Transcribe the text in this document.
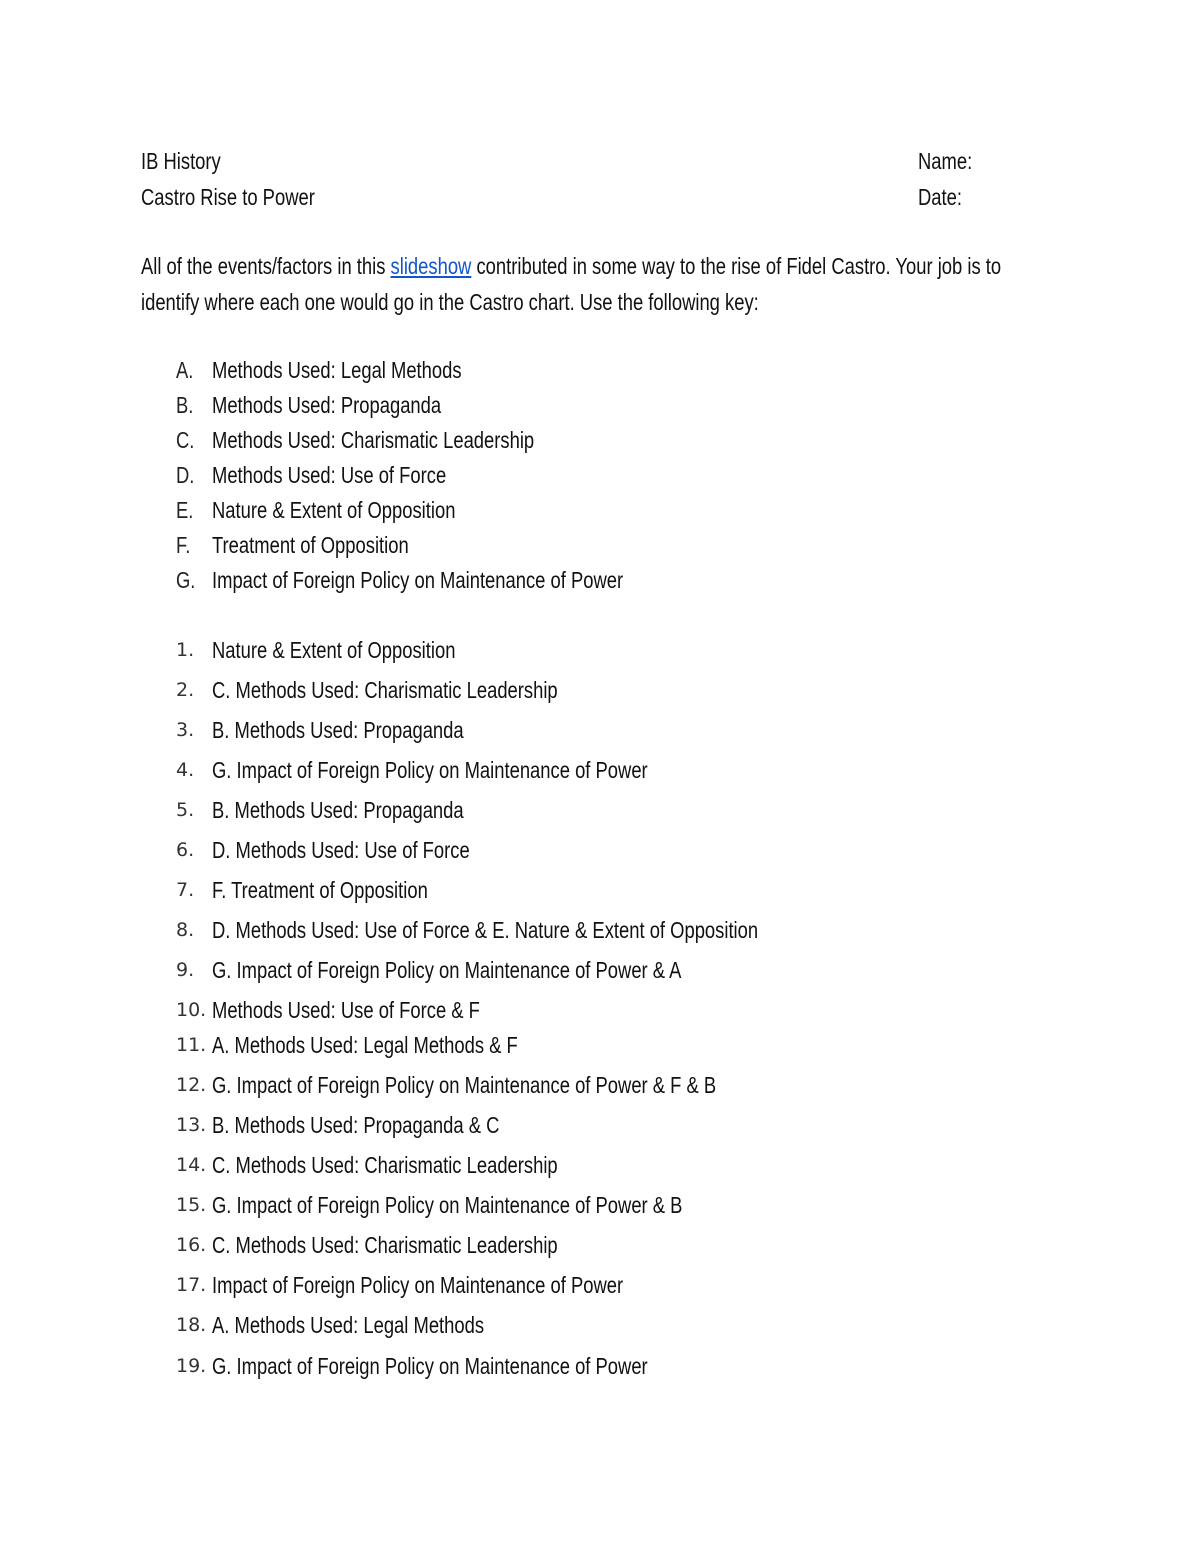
IB History
Castro Rise to Power
Name:
Date:
All of the events/factors in this slideshow contributed in some way to the rise of Fidel Castro. Your job is to
identify where each one would go in the Castro chart. Use the following key:
A. Methods Used: Legal Methods
B. Methods Used: Propaganda
C. Methods Used: Charismatic Leadership
D. Methods Used: Use of Force
E. Nature & Extent of Opposition
F. Treatment of Opposition
G. Impact of Foreign Policy on Maintenance of Power
1. Nature & Extent of Opposition
2. C. Methods Used: Charismatic Leadership
3. B. Methods Used: Propaganda
4. G. Impact of Foreign Policy on Maintenance of Power
5. B. Methods Used: Propaganda
6. D. Methods Used: Use of Force
7. F. Treatment of Opposition
8. D. Methods Used: Use of Force & E. Nature & Extent of Opposition
9. G. Impact of Foreign Policy on Maintenance of Power & A
10. Methods Used: Use of Force & F
11. A. Methods Used: Legal Methods & F
12. G. Impact of Foreign Policy on Maintenance of Power & F & B
13. B. Methods Used: Propaganda & C
14. C. Methods Used: Charismatic Leadership
15. G. Impact of Foreign Policy on Maintenance of Power & B
16. C. Methods Used: Charismatic Leadership
17. Impact of Foreign Policy on Maintenance of Power
18. A. Methods Used: Legal Methods
19. G. Impact of Foreign Policy on Maintenance of Power
